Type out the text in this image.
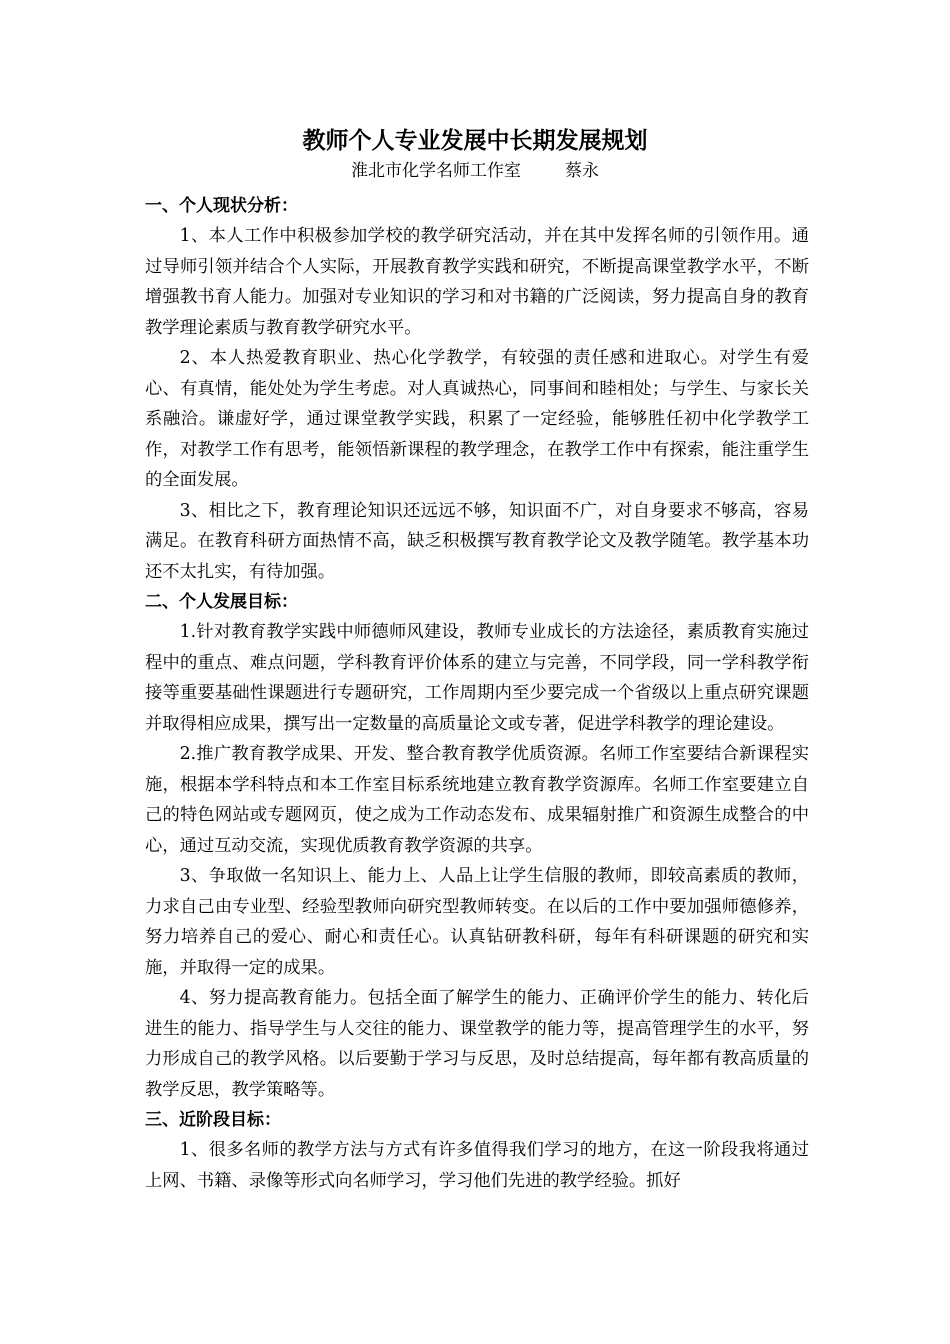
教师个人专业发展中长期发展规划
淮北市化学名师工作室	蔡永

一、个人现状分析：

1、本人工作中积极参加学校的教学研究活动，并在其中发挥名师的引领作用。通过导师引领并结合个人实际，开展教育教学实践和研究，不断提高课堂教学水平，不断增强教书育人能力。加强对专业知识的学习和对书籍的广泛阅读，努力提高自身的教育教学理论素质与教育教学研究水平。

2、本人热爱教育职业、热心化学教学，有较强的责任感和进取心。对学生有爱心、有真情，能处处为学生考虑。对人真诚热心，同事间和睦相处；与学生、与家长关系融洽。谦虚好学，通过课堂教学实践，积累了一定经验，能够胜任初中化学教学工作，对教学工作有思考，能领悟新课程的教学理念，在教学工作中有探索，能注重学生的全面发展。

3、相比之下，教育理论知识还远远不够，知识面不广，对自身要求不够高，容易满足。在教育科研方面热情不高，缺乏积极撰写教育教学论文及教学随笔。教学基本功还不太扎实，有待加强。

二、个人发展目标：

1.针对教育教学实践中师德师风建设，教师专业成长的方法途径，素质教育实施过程中的重点、难点问题，学科教育评价体系的建立与完善，不同学段，同一学科教学衔接等重要基础性课题进行专题研究，工作周期内至少要完成一个省级以上重点研究课题并取得相应成果，撰写出一定数量的高质量论文或专著，促进学科教学的理论建设。

2.推广教育教学成果、开发、整合教育教学优质资源。名师工作室要结合新课程实施，根据本学科特点和本工作室目标系统地建立教育教学资源库。名师工作室要建立自己的特色网站或专题网页，使之成为工作动态发布、成果辐射推广和资源生成整合的中心，通过互动交流，实现优质教育教学资源的共享。

3、争取做一名知识上、能力上、人品上让学生信服的教师，即较高素质的教师，力求自己由专业型、经验型教师向研究型教师转变。在以后的工作中要加强师德修养，努力培养自己的爱心、耐心和责任心。认真钻研教科研，每年有科研课题的研究和实施，并取得一定的成果。

4、努力提高教育能力。包括全面了解学生的能力、正确评价学生的能力、转化后进生的能力、指导学生与人交往的能力、课堂教学的能力等，提高管理学生的水平，努力形成自己的教学风格。以后要勤于学习与反思，及时总结提高，每年都有教高质量的教学反思，教学策略等。

三、近阶段目标：

1、很多名师的教学方法与方式有许多值得我们学习的地方，在这一阶段我将通过上网、书籍、录像等形式向名师学习，学习他们先进的教学经验。抓好
